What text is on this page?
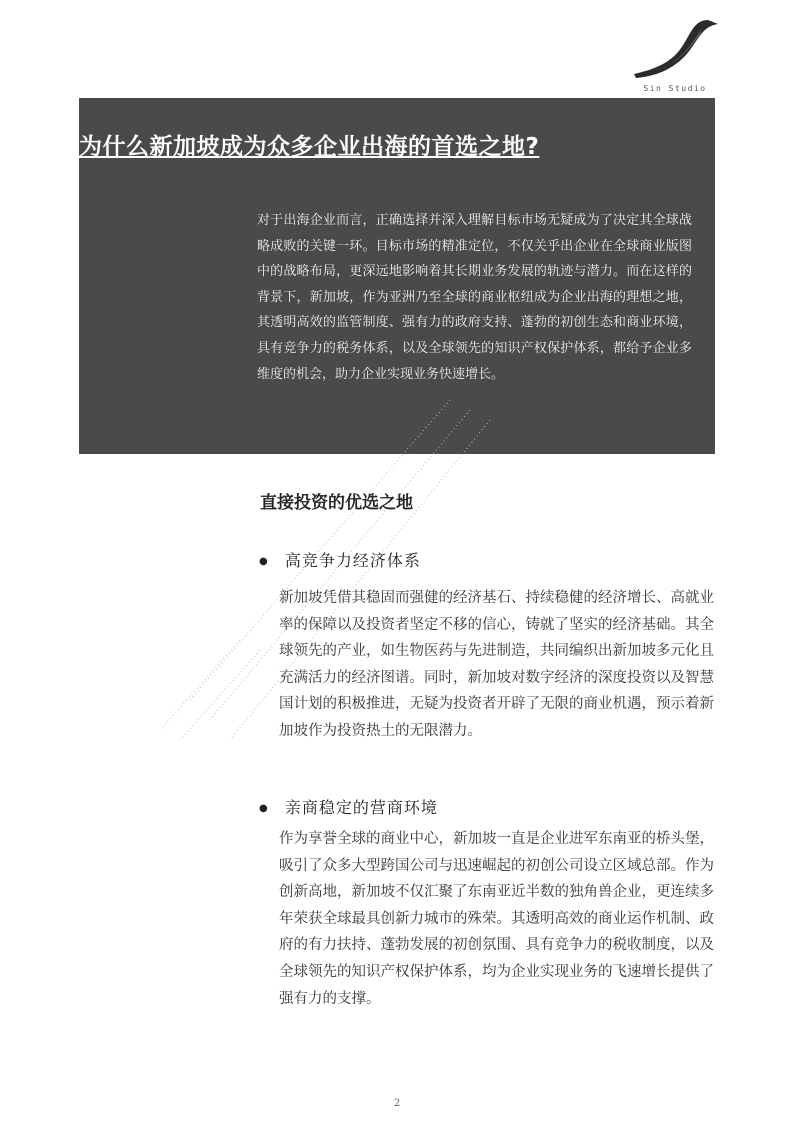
Sin Studio
为什么新加坡成为众多企业出海的首选之地?

对于出海企业而言，正确选择并深入理解目标市场无疑成为了决定其全球战略成败的关键一环。目标市场的精准定位，不仅关乎出企业在全球商业版图中的战略布局，更深远地影响着其长期业务发展的轨迹与潜力。而在这样的背景下，新加坡，作为亚洲乃至全球的商业枢纽成为企业出海的理想之地，其透明高效的监管制度、强有力的政府支持、蓬勃的初创生态和商业环境，具有竞争力的税务体系，以及全球领先的知识产权保护体系，都给予企业多维度的机会，助力企业实现业务快速增长。

直接投资的优选之地
● 高竞争力经济体系

新加坡凭借其稳固而强健的经济基石、持续稳健的经济增长、高就业率的保障以及投资者坚定不移的信心，铸就了坚实的经济基础。其全球领先的产业，如生物医药与先进制造，共同编织出新加坡多元化且充满活力的经济图谱。同时，新加坡对数字经济的深度投资以及智慧国计划的积极推进，无疑为投资者开辟了无限的商业机遇，预示着新加坡作为投资热土的无限潜力。

● 亲商稳定的营商环境

作为享誉全球的商业中心，新加坡一直是企业进军东南亚的桥头堡，吸引了众多大型跨国公司与迅速崛起的初创公司设立区域总部。作为创新高地，新加坡不仅汇聚了东南亚近半数的独角兽企业，更连续多年荣获全球最具创新力城市的殊荣。其透明高效的商业运作机制、政府的有力扶持、蓬勃发展的初创氛围、具有竞争力的税收制度，以及全球领先的知识产权保护体系，均为企业实现业务的飞速增长提供了强有力的支撑。

2
